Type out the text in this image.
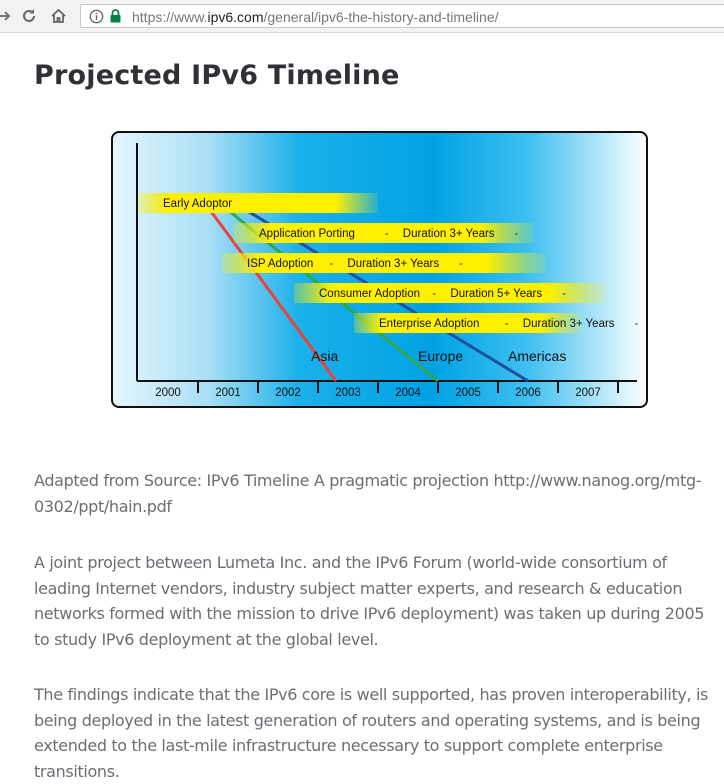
https://www.ipv6.com/general/ipv6-the-history-and-timeline/
Projected IPv6 Timeline
Asia	Europe	Americas
Early Adoptor
Application Porting	- Duration 3+ Years -
ISP Adoption - Duration 3+ Years -
Consumer Adoption - Duration 5+ Years -
Enterprise Adoption - Duration 3+ Years -
2000	2001	2002	2003	2004	2005	2006	2007

Adapted from Source: IPv6 Timeline A pragmatic projection http://www.nanog.org/mtg-0302/ppt/hain.pdf

A joint project between Lumeta Inc. and the IPv6 Forum (world-wide consortium of leading Internet vendors, industry subject matter experts, and research & education networks formed with the mission to drive IPv6 deployment) was taken up during 2005 to study IPv6 deployment at the global level.

The findings indicate that the IPv6 core is well supported, has proven interoperability, is being deployed in the latest generation of routers and operating systems, and is being extended to the last-mile infrastructure necessary to support complete enterprise transitions.
